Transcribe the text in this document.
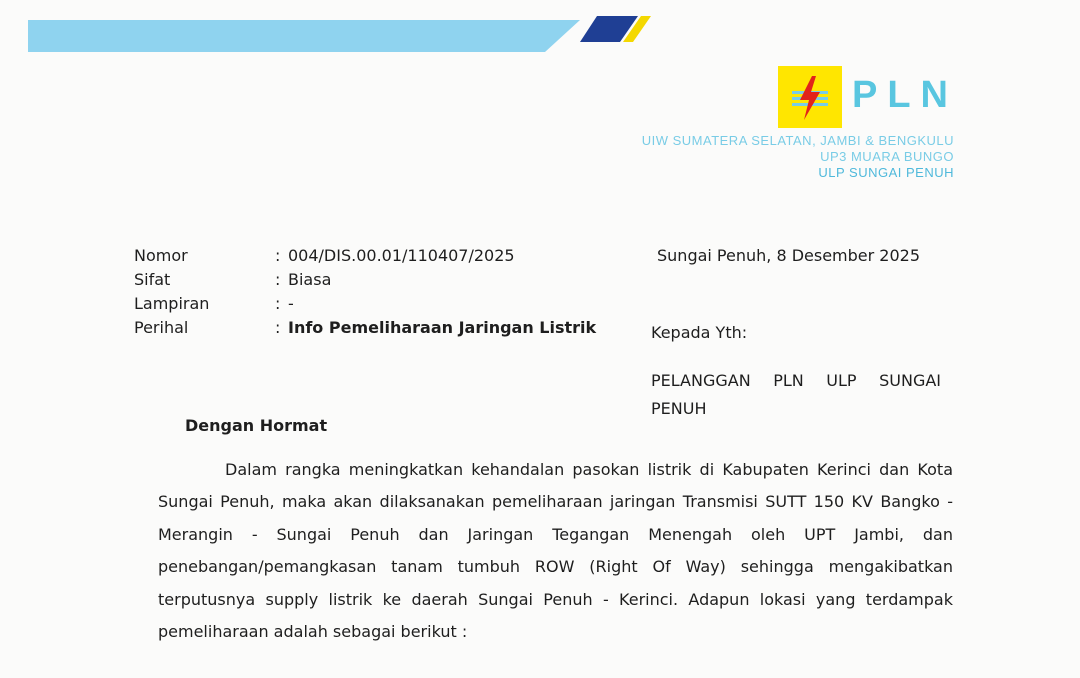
PLN
UIW SUMATERA SELATAN, JAMBI & BENGKULU
UP3 MUARA BUNGO
ULP SUNGAI PENUH
Nomor	: 004/DIS.00.01/110407/2025
Sifat	: Biasa
Lampiran	: -
Perihal	: Info Pemeliharaan Jaringan Listrik
Sungai Penuh, 8 Desember 2025
Kepada Yth:
PELANGGAN PLN ULP SUNGAI PENUH
Dengan Hormat

Dalam rangka meningkatkan kehandalan pasokan listrik di Kabupaten Kerinci dan Kota Sungai Penuh, maka akan dilaksanakan pemeliharaan jaringan Transmisi SUTT 150 KV Bangko - Merangin - Sungai Penuh dan Jaringan Tegangan Menengah oleh UPT Jambi, dan penebangan/pemangkasan tanam tumbuh ROW (Right Of Way) sehingga mengakibatkan terputusnya supply listrik ke daerah Sungai Penuh - Kerinci. Adapun lokasi yang terdampak pemeliharaan adalah sebagai berikut :
